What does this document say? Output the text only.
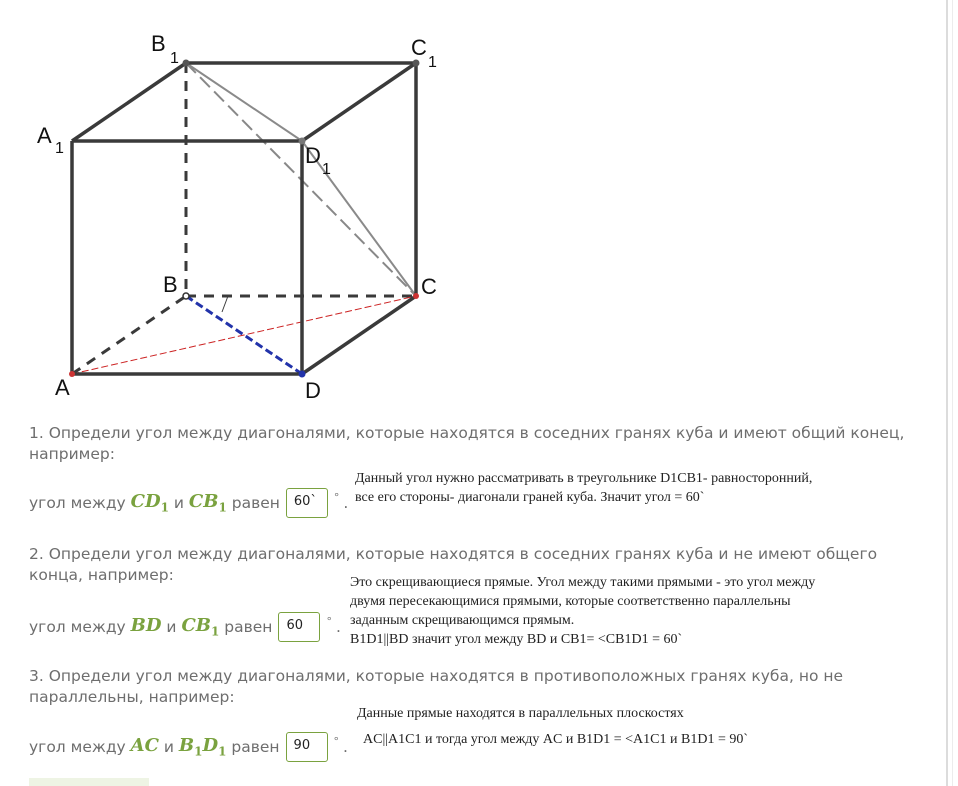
B
1	C
1
A
1	D
1
B	C
A	D
1. Определи угол между диагоналями, которые находятся в соседних гранях куба и имеют общий конец, например:
угол между
$CD_1$
и
$CB_1$
равен	60`	° .
Данный угол нужно рассматривать в треугольнике D1CB1- равносторонний,
все его стороны- диагонали граней куба. Значит угол = 60`
2. Определи угол между диагоналями, которые находятся в соседних гранях куба и не имеют общего конца, например:
угол между
BD
и
$CB_1$
равен	60	° .
Это скрещивающиеся прямые. Угол между такими прямыми - это угол между
двумя пересекающимися прямыми, которые соответственно параллельны
заданным скрещивающимся прямым.
B1D1||BD значит угол между BD и CB1= <CB1D1 = 60`
3. Определи угол между диагоналями, которые находятся в противоположных гранях куба, но не параллельны, например:
угол между
AC
и
$B_1D_1$
равен	90	° .
Данные прямые находятся в параллельных плоскостях
AC||A1C1 и тогда угол между AC и B1D1 = <A1C1 и B1D1 = 90`
